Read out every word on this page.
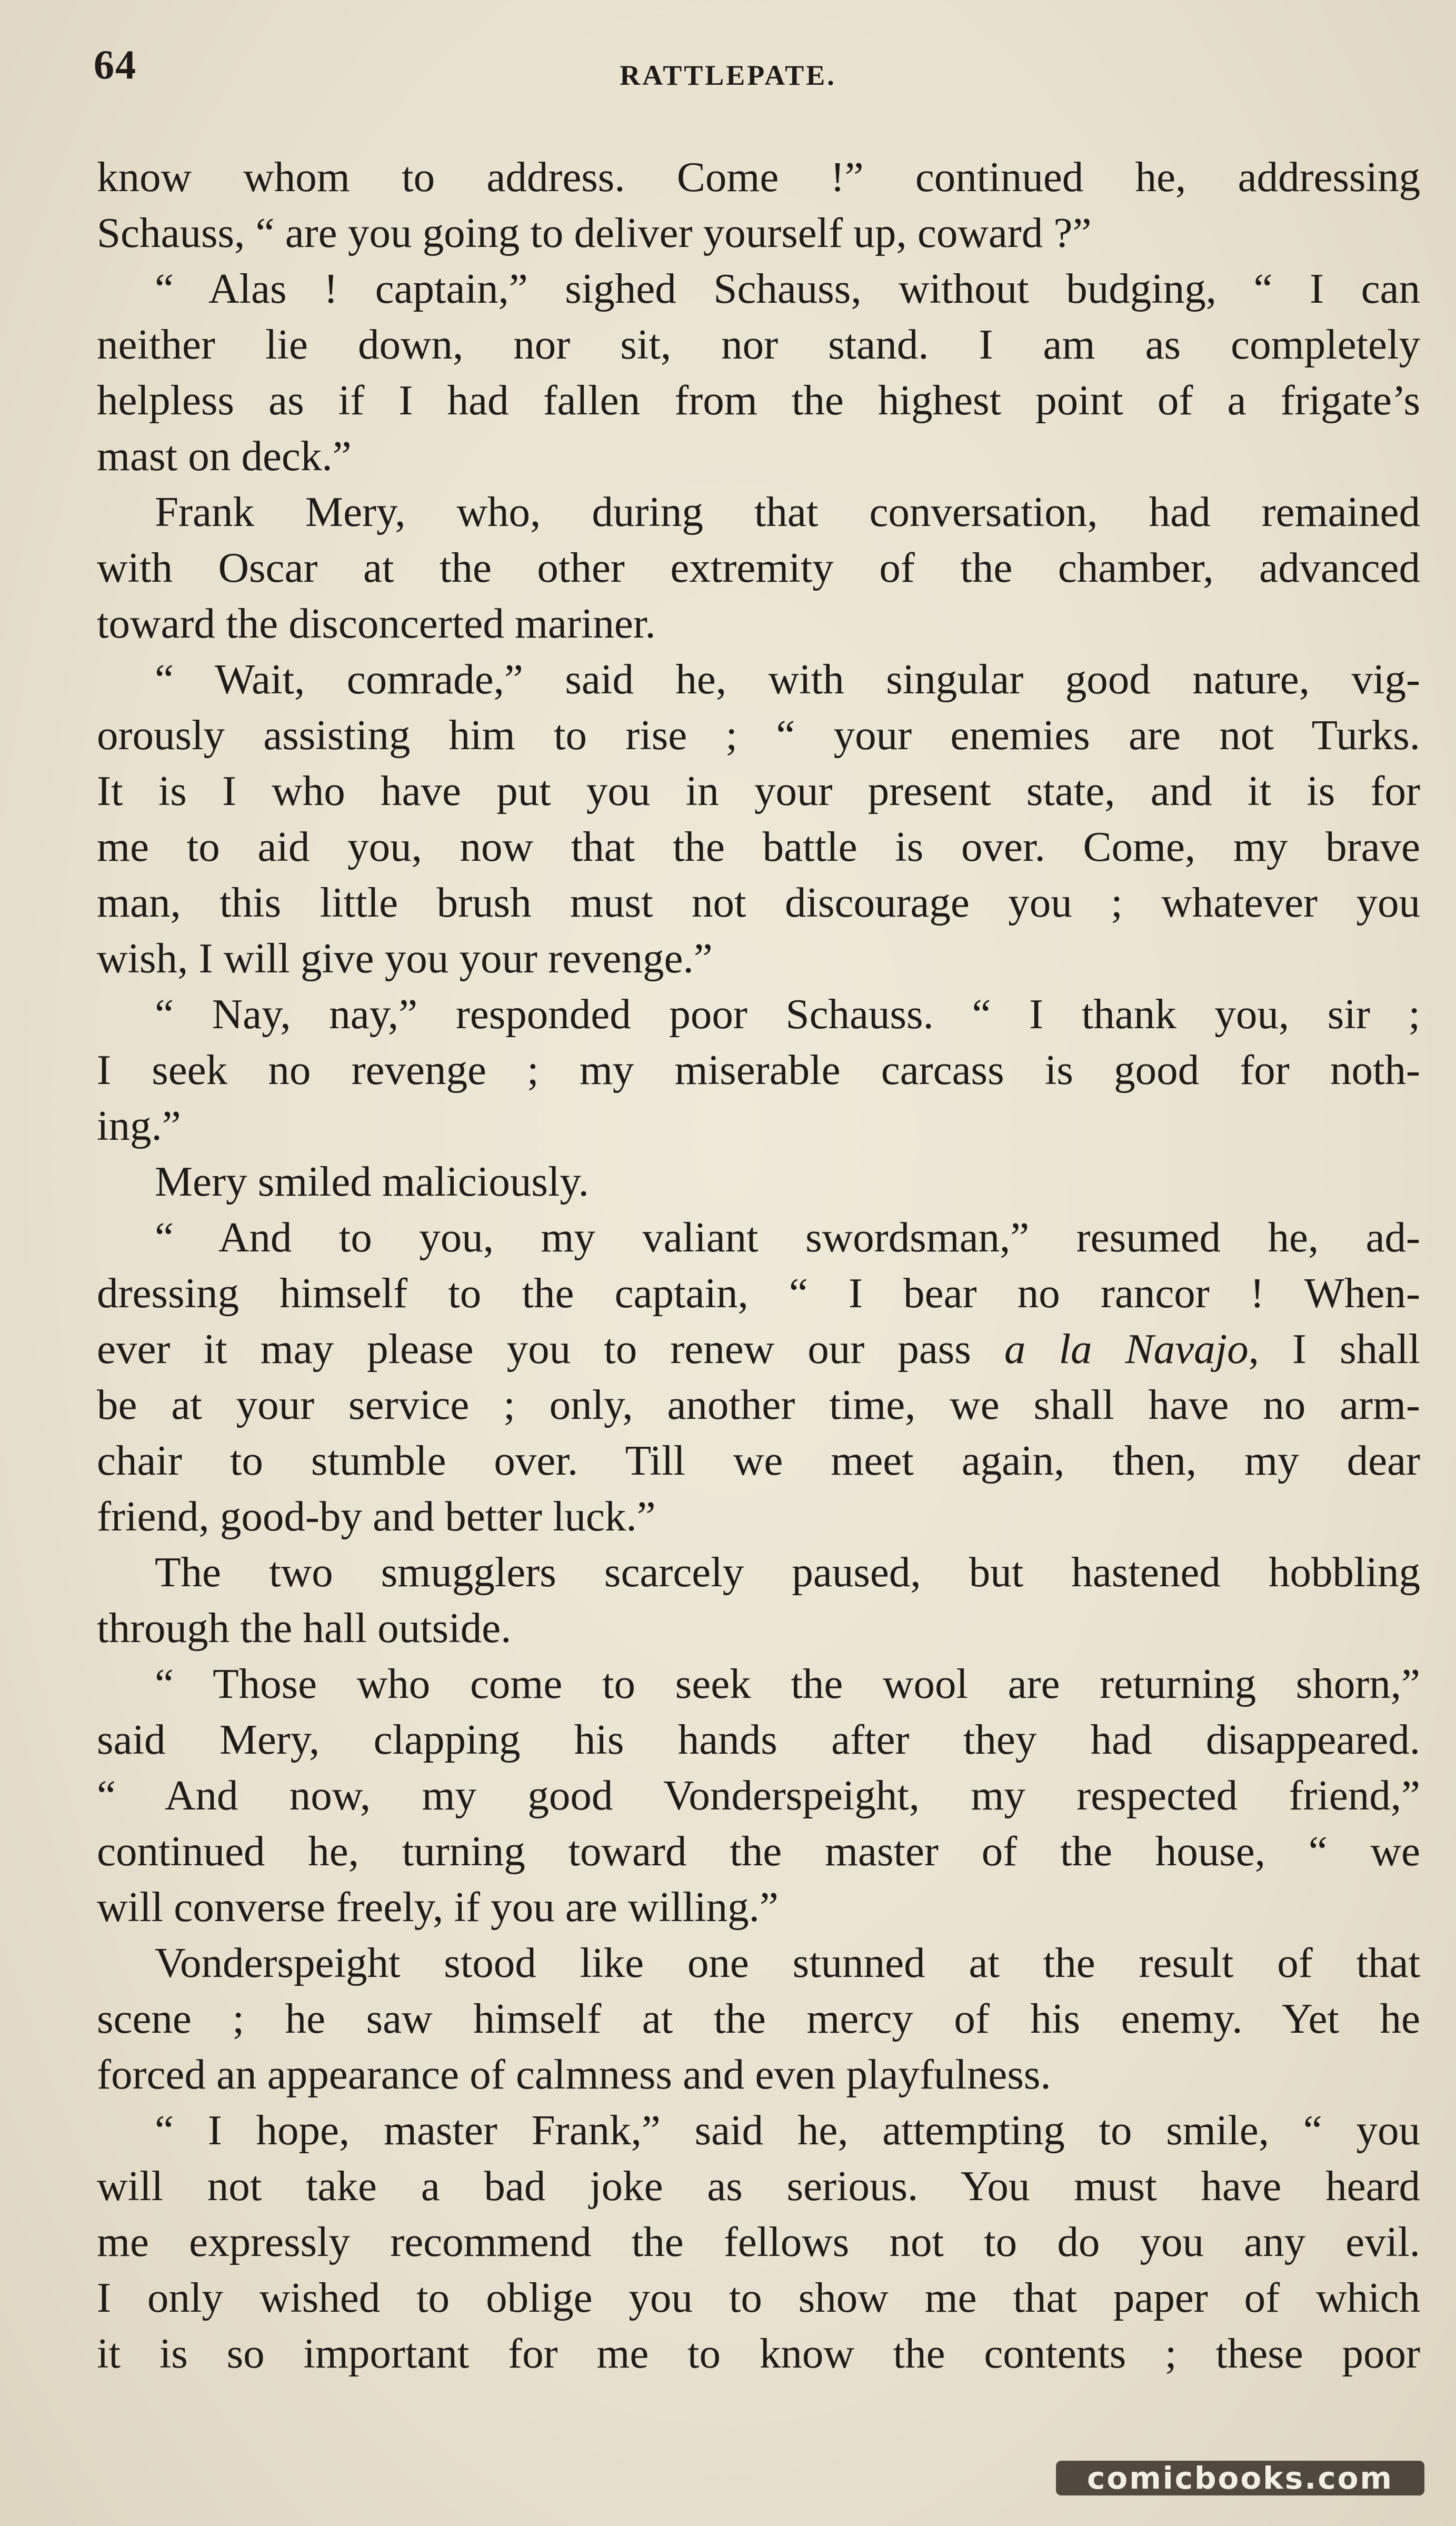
64	RATTLEPATE.
know whom to address. Come !” continued he, addressing
Schauss, “ are you going to deliver yourself up, coward ?”
“ Alas ! captain,” sighed Schauss, without budging, “ I can
neither lie down, nor sit, nor stand. I am as completely
helpless as if I had fallen from the highest point of a frigate’s
mast on deck.”
Frank Mery, who, during that conversation, had remained
with Oscar at the other extremity of the chamber, advanced
toward the disconcerted mariner.
“ Wait, comrade,” said he, with singular good nature, vig-
orously assisting him to rise ; “ your enemies are not Turks.
It is I who have put you in your present state, and it is for
me to aid you, now that the battle is over. Come, my brave
man, this little brush must not discourage you ; whatever you
wish, I will give you your revenge.”
“ Nay, nay,” responded poor Schauss. “ I thank you, sir ;
I seek no revenge ; my miserable carcass is good for noth-
ing.”
Mery smiled maliciously.
“ And to you, my valiant swordsman,” resumed he, ad-
dressing himself to the captain, “ I bear no rancor ! When-
ever it may please you to renew our pass a la Navajo, I shall
be at your service ; only, another time, we shall have no arm-
chair to stumble over. Till we meet again, then, my dear
friend, good-by and better luck.”
The two smugglers scarcely paused, but hastened hobbling
through the hall outside.
“ Those who come to seek the wool are returning shorn,”
said Mery, clapping his hands after they had disappeared.
“ And now, my good Vonderspeight, my respected friend,”
continued he, turning toward the master of the house, “ we
will converse freely, if you are willing.”
Vonderspeight stood like one stunned at the result of that
scene ; he saw himself at the mercy of his enemy. Yet he
forced an appearance of calmness and even playfulness.
“ I hope, master Frank,” said he, attempting to smile, “ you
will not take a bad joke as serious. You must have heard
me expressly recommend the fellows not to do you any evil.
I only wished to oblige you to show me that paper of which
it is so important for me to know the contents ; these poor
comicbooks.com
